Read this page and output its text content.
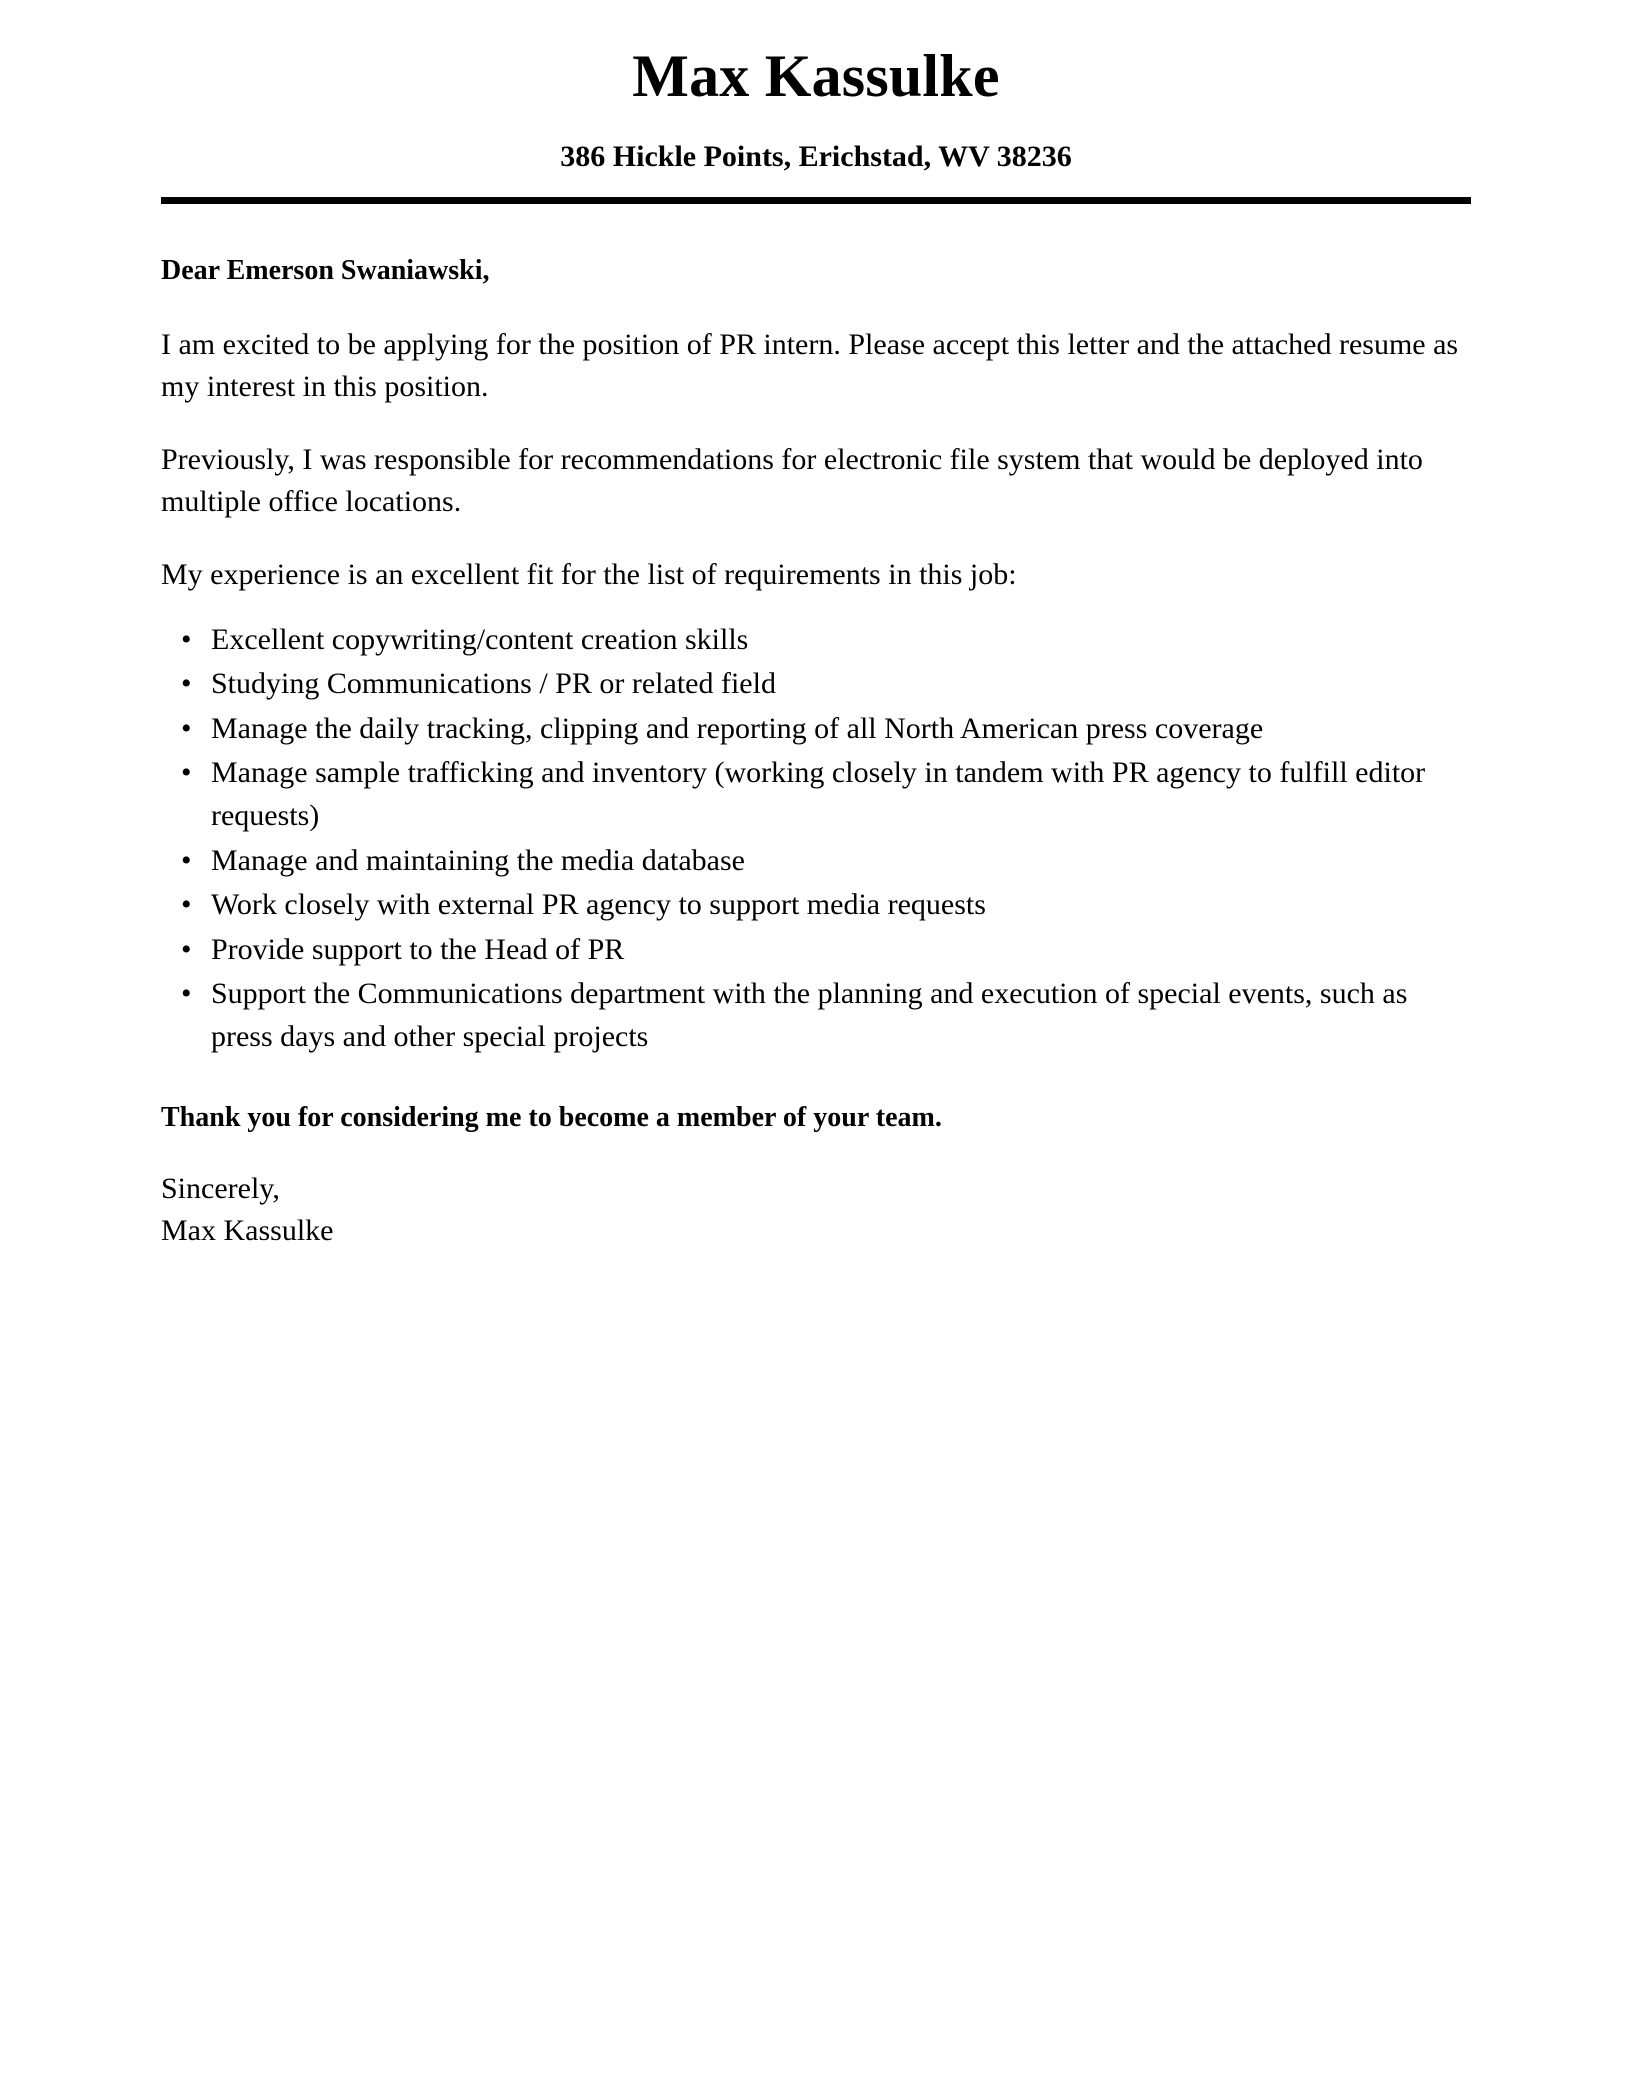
Max Kassulke
386 Hickle Points, Erichstad, WV 38236

Dear Emerson Swaniawski,

I am excited to be applying for the position of PR intern. Please accept this letter and the attached resume as my interest in this position.

Previously, I was responsible for recommendations for electronic file system that would be deployed into multiple office locations.

My experience is an excellent fit for the list of requirements in this job:

• Excellent copywriting/content creation skills
• Studying Communications / PR or related field
• Manage the daily tracking, clipping and reporting of all North American press coverage
• Manage sample trafficking and inventory (working closely in tandem with PR agency to fulfill editor requests)
• Manage and maintaining the media database
• Work closely with external PR agency to support media requests
• Provide support to the Head of PR
• Support the Communications department with the planning and execution of special events, such as press days and other special projects

Thank you for considering me to become a member of your team.

Sincerely,
Max Kassulke
